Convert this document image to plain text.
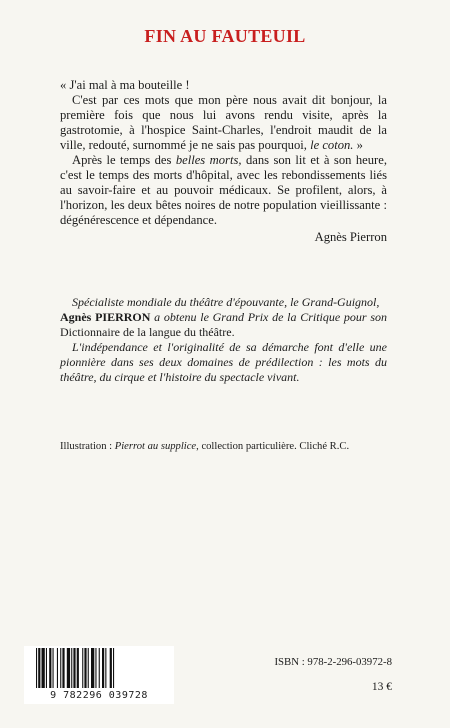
FIN AU FAUTEUIL

« J'ai mal à ma bouteille !

C'est par ces mots que mon père nous avait dit bonjour, la première fois que nous lui avons rendu visite, après la gastrotomie, à l'hospice Saint-Charles, l'endroit maudit de la ville, redouté, surnommé je ne sais pas pourquoi, le coton. »

Après le temps des belles morts, dans son lit et à son heure, c'est le temps des morts d'hôpital, avec les rebondissements liés au savoir-faire et au pouvoir médicaux. Se profilent, alors, à l'horizon, les deux bêtes noires de notre population vieillissante : dégénérescence et dépendance.

Agnès Pierron

Spécialiste mondiale du théâtre d'épouvante, le Grand-Guignol,
Agnès PIERRON a obtenu le Grand Prix de la Critique pour son Dictionnaire de la langue du théâtre.

L'indépendance et l'originalité de sa démarche font d'elle une pionnière dans ses deux domaines de prédilection : les mots du théâtre, du cirque et l'histoire du spectacle vivant.

Illustration : Pierrot au supplice, collection particulière. Cliché R.C.
9 782296 039728
ISBN : 978-2-296-03972-8
13 €
